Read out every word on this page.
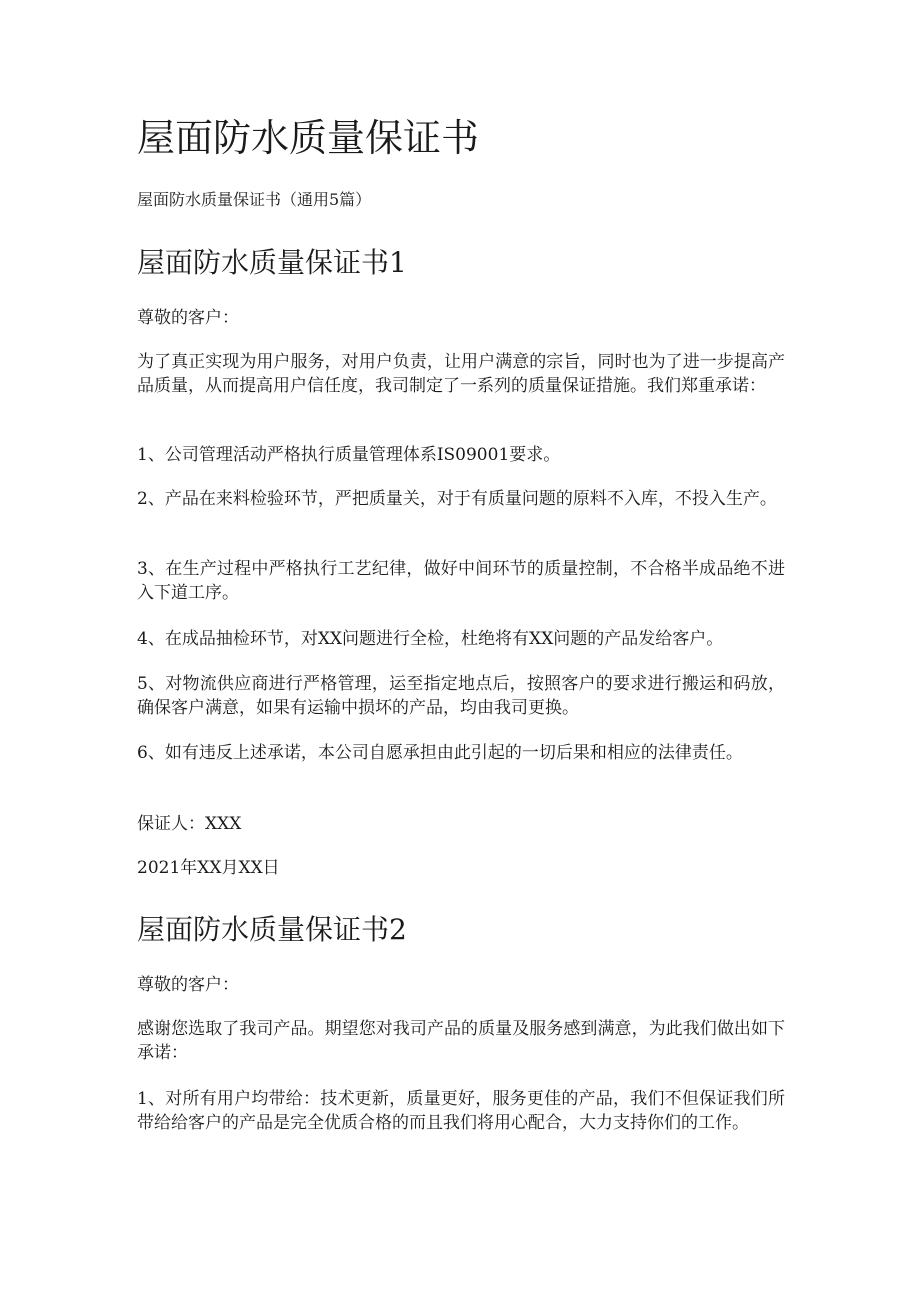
屋面防水质量保证书

屋面防水质量保证书（通用5篇）

屋面防水质量保证书1

尊敬的客户：

为了真正实现为用户服务，对用户负责，让用户满意的宗旨，同时也为了进一步提高产品质量，从而提高用户信任度，我司制定了一系列的质量保证措施。我们郑重承诺：

1、公司管理活动严格执行质量管理体系IS09001要求。

2、产品在来料检验环节，严把质量关，对于有质量问题的原料不入库，不投入生产。

3、在生产过程中严格执行工艺纪律，做好中间环节的质量控制，不合格半成品绝不进入下道工序。

4、在成品抽检环节，对XX问题进行全检，杜绝将有XX问题的产品发给客户。

5、对物流供应商进行严格管理，运至指定地点后，按照客户的要求进行搬运和码放，确保客户满意，如果有运输中损坏的产品，均由我司更换。

6、如有违反上述承诺，本公司自愿承担由此引起的一切后果和相应的法律责任。

保证人：XXX

2021年XX月XX日

屋面防水质量保证书2

尊敬的客户：

感谢您选取了我司产品。期望您对我司产品的质量及服务感到满意，为此我们做出如下承诺：

1、对所有用户均带给：技术更新，质量更好，服务更佳的产品，我们不但保证我们所带给给客户的产品是完全优质合格的而且我们将用心配合，大力支持你们的工作。
